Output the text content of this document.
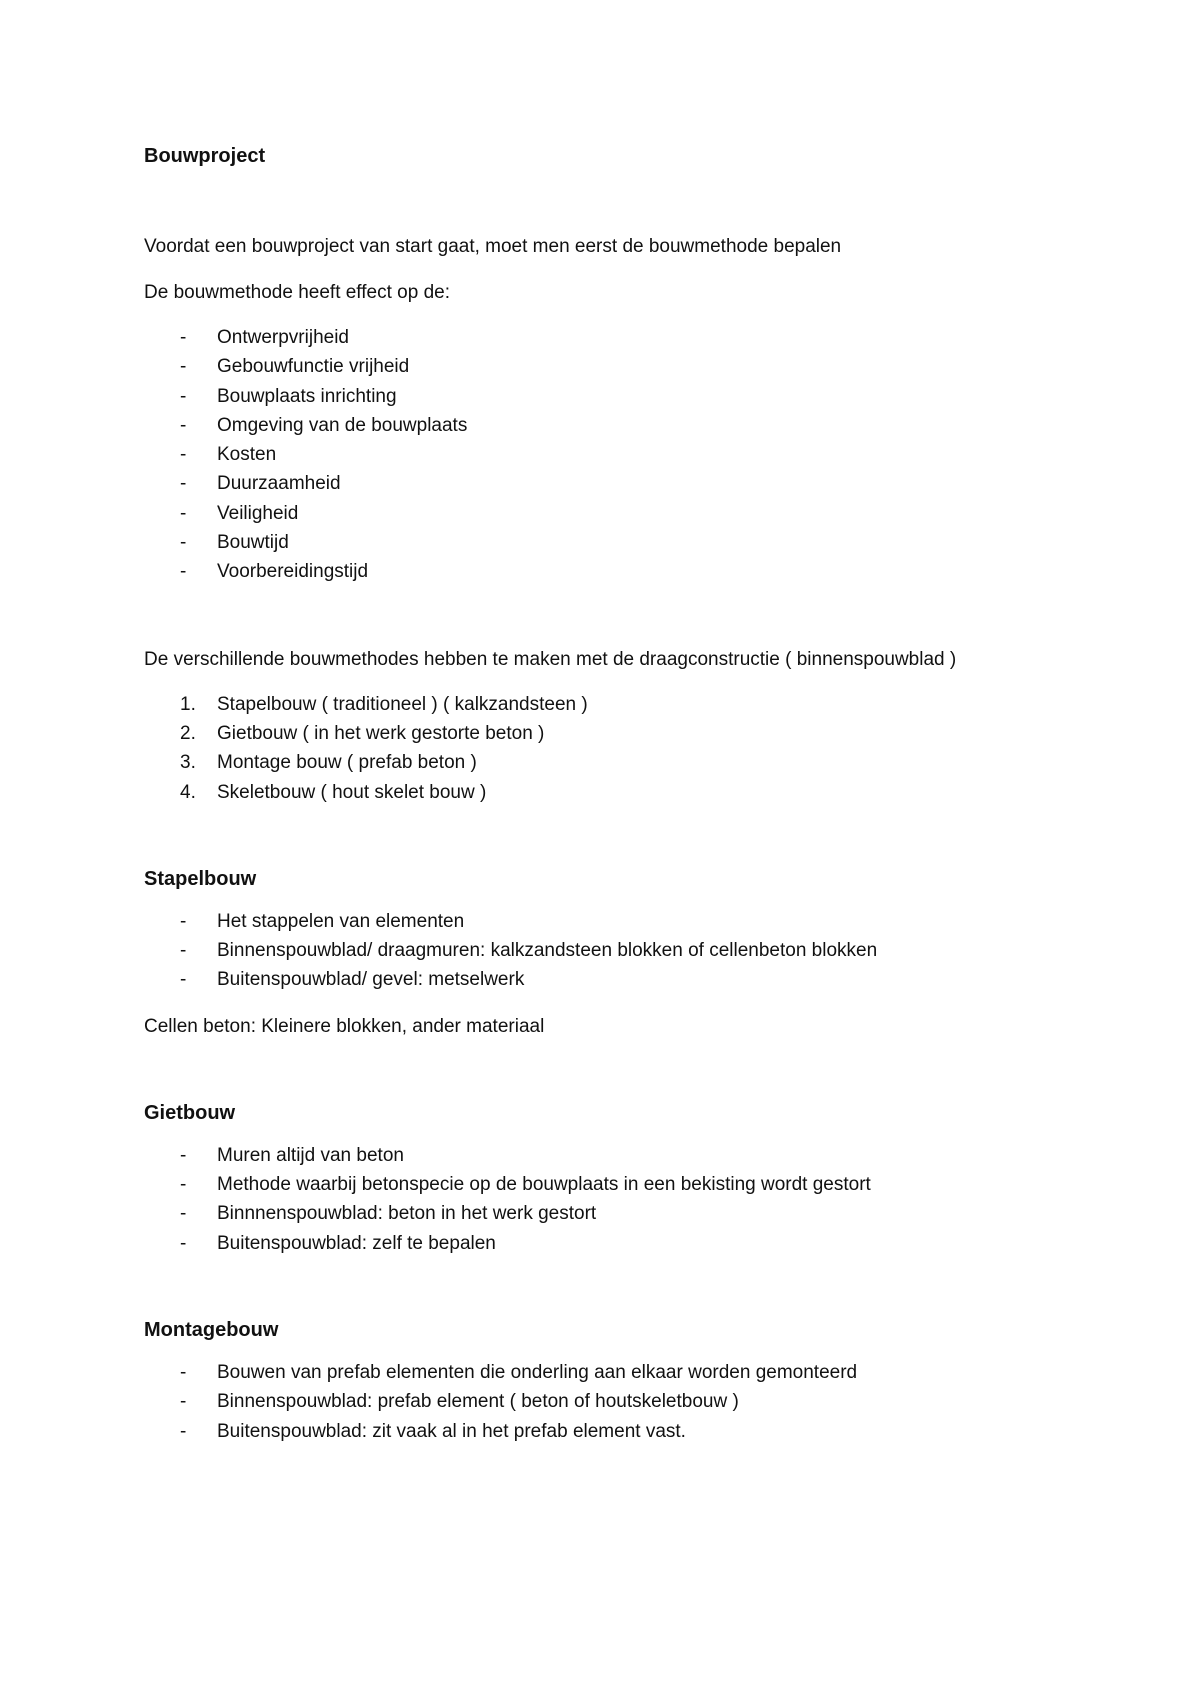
Bouwproject

Voordat een bouwproject van start gaat, moet men eerst de bouwmethode bepalen

De bouwmethode heeft effect op de:

- Ontwerpvrijheid
- Gebouwfunctie vrijheid
- Bouwplaats inrichting
- Omgeving van de bouwplaats
- Kosten
- Duurzaamheid
- Veiligheid
- Bouwtijd
- Voorbereidingstijd

De verschillende bouwmethodes hebben te maken met de draagconstructie ( binnenspouwblad )

1. Stapelbouw ( traditioneel ) ( kalkzandsteen )
2. Gietbouw ( in het werk gestorte beton )
3. Montage bouw ( prefab beton )
4. Skeletbouw ( hout skelet bouw )
Stapelbouw
- Het stappelen van elementen
- Binnenspouwblad/ draagmuren: kalkzandsteen blokken of cellenbeton blokken
- Buitenspouwblad/ gevel: metselwerk

Cellen beton: Kleinere blokken, ander materiaal

Gietbouw
- Muren altijd van beton
- Methode waarbij betonspecie op de bouwplaats in een bekisting wordt gestort
- Binnnenspouwblad: beton in het werk gestort
- Buitenspouwblad: zelf te bepalen
Montagebouw
- Bouwen van prefab elementen die onderling aan elkaar worden gemonteerd
- Binnenspouwblad: prefab element ( beton of houtskeletbouw )
- Buitenspouwblad: zit vaak al in het prefab element vast.
